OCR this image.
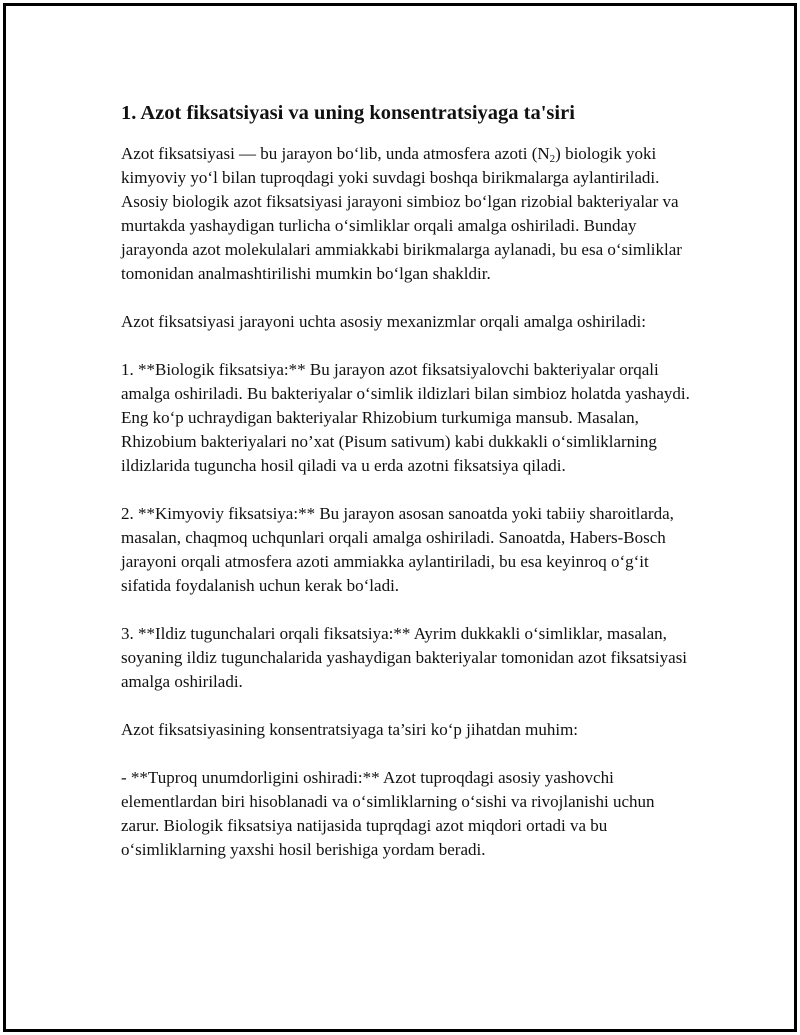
1. Azot fiksatsiyasi va uning konsentratsiyaga ta'siri

Azot fiksatsiyasi — bu jarayon bo‘lib, unda atmosfera azoti $(N_2)$ biologik yoki kimyoviy yo‘l bilan tuproqdagi yoki suvdagi boshqa birikmalarga aylantiriladi. Asosiy biologik azot fiksatsiyasi jarayoni simbioz bo‘lgan rizobial bakteriyalar va murtakda yashaydigan turlicha o‘simliklar orqali amalga oshiriladi. Bunday jarayonda azot molekulalari ammiakkabi birikmalarga aylanadi, bu esa o‘simliklar tomonidan analmashtirilishi mumkin bo‘lgan shakldir.

Azot fiksatsiyasi jarayoni uchta asosiy mexanizmlar orqali amalga oshiriladi:

1. **Biologik fiksatsiya:** Bu jarayon azot fiksatsiyalovchi bakteriyalar orqali amalga oshiriladi. Bu bakteriyalar o‘simlik ildizlari bilan simbioz holatda yashaydi. Eng ko‘p uchraydigan bakteriyalar Rhizobium turkumiga mansub. Masalan, Rhizobium bakteriyalari no’xat (Pisum sativum) kabi dukkakli o‘simliklarning ildizlarida tuguncha hosil qiladi va u erda azotni fiksatsiya qiladi.

2. **Kimyoviy fiksatsiya:** Bu jarayon asosan sanoatda yoki tabiiy sharoitlarda, masalan, chaqmoq uchqunlari orqali amalga oshiriladi. Sanoatda, Habers-Bosch jarayoni orqali atmosfera azoti ammiakka aylantiriladi, bu esa keyinroq o‘g‘it sifatida foydalanish uchun kerak bo‘ladi.

3. **Ildiz tugunchalari orqali fiksatsiya:** Ayrim dukkakli o‘simliklar, masalan, soyaning ildiz tugunchalarida yashaydigan bakteriyalar tomonidan azot fiksatsiyasi amalga oshiriladi.

Azot fiksatsiyasining konsentratsiyaga ta’siri ko‘p jihatdan muhim:

- **Tuproq unumdorligini oshiradi:** Azot tuproqdagi asosiy yashovchi elementlardan biri hisoblanadi va o‘simliklarning o‘sishi va rivojlanishi uchun zarur. Biologik fiksatsiya natijasida tuprqdagi azot miqdori ortadi va bu o‘simliklarning yaxshi hosil berishiga yordam beradi.
